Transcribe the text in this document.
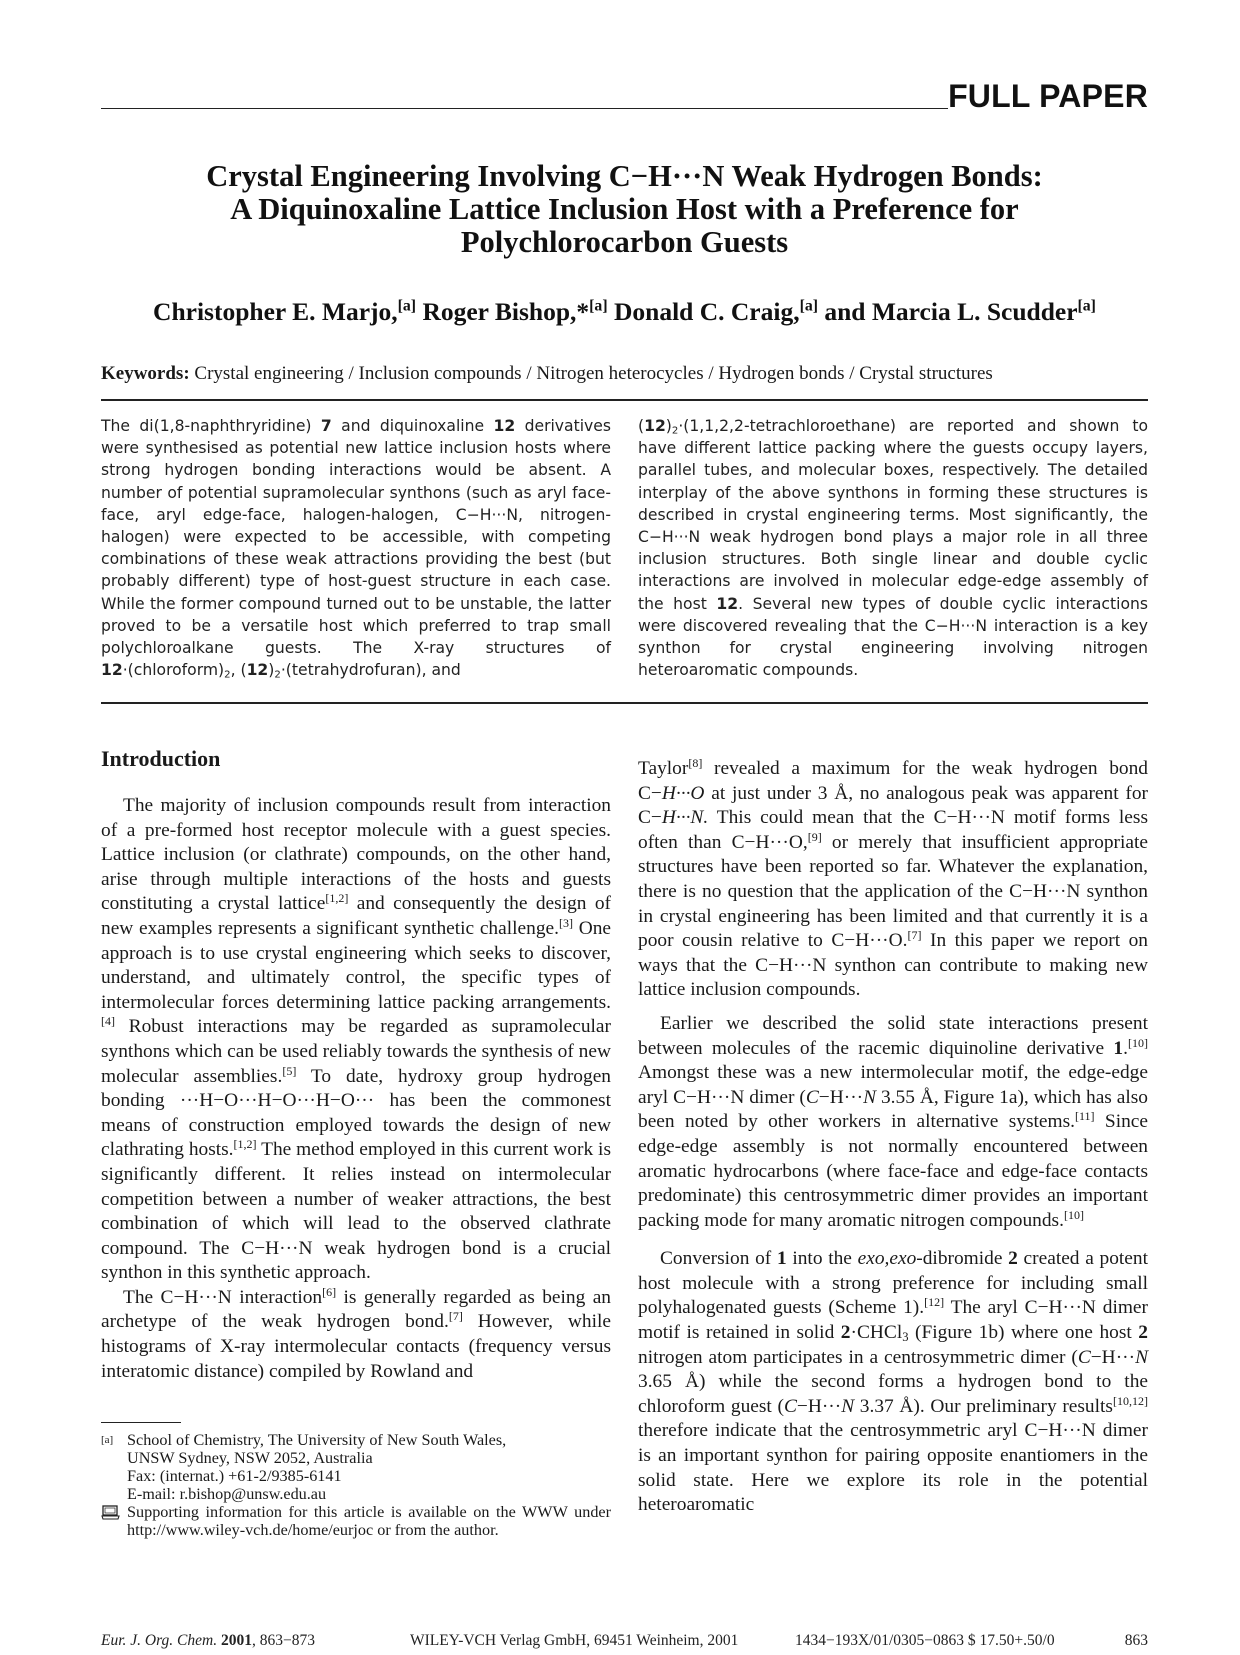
FULL PAPER
Crystal Engineering Involving C−H···N Weak Hydrogen Bonds:
A Diquinoxaline Lattice Inclusion Host with a Preference for
Polychlorocarbon Guests
Christopher E. Marjo,[a] Roger Bishop,*[a] Donald C. Craig,[a] and Marcia L. Scudder[a]
Keywords: Crystal engineering / Inclusion compounds / Nitrogen heterocycles / Hydrogen bonds / Crystal structures
The di(1,8-naphthryridine) 7 and diquinoxaline 12 derivatives were synthesised as potential new lattice inclusion hosts where strong hydrogen bonding interactions would be absent. A number of potential supramolecular synthons (such as aryl face-face, aryl edge-face, halogen-halogen, C−H···N, nitrogen-halogen) were expected to be accessible, with competing combinations of these weak attractions providing the best (but probably different) type of host-guest structure in each case. While the former compound turned out to be unstable, the latter proved to be a versatile host which preferred to trap small polychloroalkane guests. The X-ray structures of $12\cdot(chloroform)_2$, $(12)_2\cdot(tetrahydrofuran)$, and
$(12)_2\cdot(1,1,2,2-tetrachloroethane)$ are reported and shown to have different lattice packing where the guests occupy layers, parallel tubes, and molecular boxes, respectively. The detailed interplay of the above synthons in forming these structures is described in crystal engineering terms. Most significantly, the C−H···N weak hydrogen bond plays a major role in all three inclusion structures. Both single linear and double cyclic interactions are involved in molecular edge-edge assembly of the host 12. Several new types of double cyclic interactions were discovered revealing that the C−H···N interaction is a key synthon for crystal engineering involving nitrogen heteroaromatic compounds.
Introduction

The majority of inclusion compounds result from interaction of a pre-formed host receptor molecule with a guest species. Lattice inclusion (or clathrate) compounds, on the other hand, arise through multiple interactions of the hosts and guests constituting a crystal lattice[1,2] and consequently the design of new examples represents a significant synthetic challenge.[3] One approach is to use crystal engineering which seeks to discover, understand, and ultimately control, the specific types of intermolecular forces determining lattice packing arrangements.[4] Robust interactions may be regarded as supramolecular synthons which can be used reliably towards the synthesis of new molecular assemblies.[5] To date, hydroxy group hydrogen bonding ···H−O···H−O···H−O··· has been the commonest means of construction employed towards the design of new clathrating hosts.[1,2] The method employed in this current work is significantly different. It relies instead on intermolecular competition between a number of weaker attractions, the best combination of which will lead to the observed clathrate compound. The C−H···N weak hydrogen bond is a crucial synthon in this synthetic approach.

The C−H···N interaction[6] is generally regarded as being an archetype of the weak hydrogen bond.[7] However, while histograms of X-ray intermolecular contacts (frequency versus interatomic distance) compiled by Rowland and

Taylor[8] revealed a maximum for the weak hydrogen bond C−H···O at just under 3 Å, no analogous peak was apparent for C−H···N. This could mean that the C−H···N motif forms less often than C−H···O,[9] or merely that insufficient appropriate structures have been reported so far. Whatever the explanation, there is no question that the application of the C−H···N synthon in crystal engineering has been limited and that currently it is a poor cousin relative to C−H···O.[7] In this paper we report on ways that the C−H···N synthon can contribute to making new lattice inclusion compounds.

Earlier we described the solid state interactions present between molecules of the racemic diquinoline derivative 1.[10] Amongst these was a new intermolecular motif, the edge-edge aryl C−H···N dimer (C−H···N 3.55 Å, Figure 1a), which has also been noted by other workers in alternative systems.[11] Since edge-edge assembly is not normally encountered between aromatic hydrocarbons (where face-face and edge-face contacts predominate) this centrosymmetric dimer provides an important packing mode for many aromatic nitrogen compounds.[10]

Conversion of 1 into the exo,exo-dibromide 2 created a potent host molecule with a strong preference for including small polyhalogenated guests (Scheme 1).[12] The aryl C−H···N dimer motif is retained in solid 2·CHCl$_3$ (Figure 1b) where one host 2 nitrogen atom participates in a centrosymmetric dimer (C−H···N 3.65 Å) while the second forms a hydrogen bond to the chloroform guest (C−H···N 3.37 Å). Our preliminary results[10,12] therefore indicate that the centrosymmetric aryl C−H···N dimer is an important synthon for pairing opposite enantiomers in the solid state. Here we explore its role in the potential heteroaromatic

[a] School of Chemistry, The University of New South Wales,
UNSW Sydney, NSW 2052, Australia
Fax: (internat.) +61-2/9385-6141
E-mail: r.bishop@unsw.edu.au
Supporting information for this article is available on the WWW under http://www.wiley-vch.de/home/eurjoc or from the author.
Eur. J. Org. Chem. 2001, 863−873	WILEY-VCH Verlag GmbH, 69451 Weinheim, 2001	1434−193X/01/0305−0863 $ 17.50+.50/0	863
